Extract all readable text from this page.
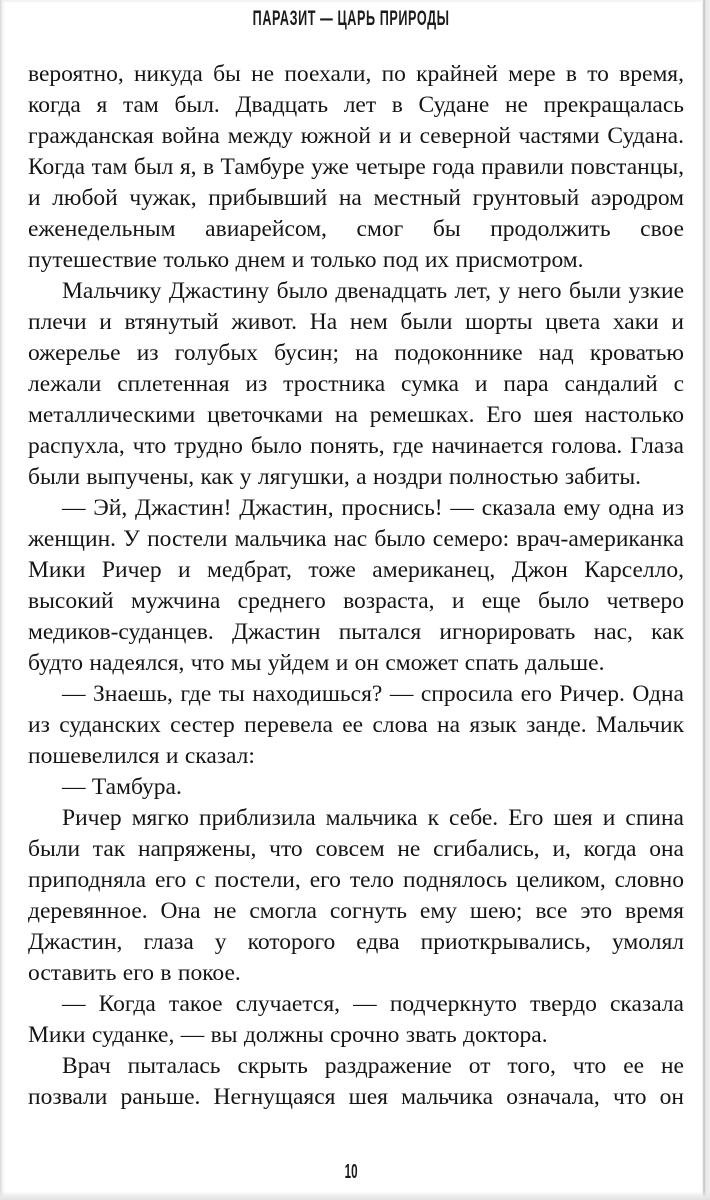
ПАРАЗИТ — ЦАРЬ ПРИРОДЫ

вероятно, никуда бы не поехали, по крайней мере в то время, когда я там был. Двадцать лет в Судане не прекращалась гражданская война между южной и и северной частями Судана. Когда там был я, в Тамбуре уже четыре года правили повстанцы, и любой чужак, прибывший на местный грунтовый аэродром еженедельным авиарейсом, смог бы продолжить свое путешествие только днем и только под их присмотром.

Мальчику Джастину было двенадцать лет, у него были узкие плечи и втянутый живот. На нем были шорты цвета хаки и ожерелье из голубых бусин; на подоконнике над кроватью лежали сплетенная из тростника сумка и пара сандалий с металлическими цветочками на ремешках. Его шея настолько распухла, что трудно было понять, где начинается голова. Глаза были выпучены, как у лягушки, а ноздри полностью забиты.

— Эй, Джастин! Джастин, проснись! — сказала ему одна из женщин. У постели мальчика нас было семеро: врач-американка Мики Ричер и медбрат, тоже американец, Джон Карселло, высокий мужчина среднего возраста, и еще было четверо медиков-суданцев. Джастин пытался игнорировать нас, как будто надеялся, что мы уйдем и он сможет спать дальше.

— Знаешь, где ты находишься? — спросила его Ричер. Одна из суданских сестер перевела ее слова на язык занде. Мальчик пошевелился и сказал:

— Тамбура.

Ричер мягко приблизила мальчика к себе. Его шея и спина были так напряжены, что совсем не сгибались, и, когда она приподняла его с постели, его тело поднялось целиком, словно деревянное. Она не смогла согнуть ему шею; все это время Джастин, глаза у которого едва приоткрывались, умолял оставить его в покое.

— Когда такое случается, — подчеркнуто твердо сказала Мики суданке, — вы должны срочно звать доктора.

Врач пыталась скрыть раздражение от того, что ее не позвали раньше. Негнущаяся шея мальчика означала, что он

10
